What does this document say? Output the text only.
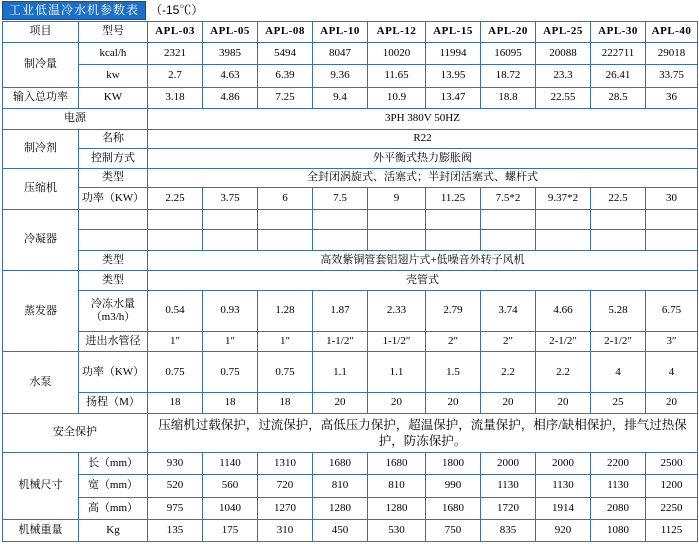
工业低温冷水机参数表 （-15℃）
项目	型号	APL-03	APL-05	APL-08	APL-10	APL-12	APL-15	APL-20	APL-25	APL-30	APL-40
制冷量	kcal/h	2321	3985	5494	8047	10020	11994	16095	20088	222711	29018
	kw	2.7	4.63	6.39	9.36	11.65	13.95	18.72	23.3	26.41	33.75
输入总功率	KW	3.18	4.86	7.25	9.4	10.9	13.47	18.8	22.55	28.5	36
电源		3PH 380V 50HZ									
制冷剂	名称	R22									
	控制方式	外平衡式热力膨胀阀									
压缩机	类型	全封闭涡旋式、活塞式；半封闭活塞式、螺杆式									
	功率（KW）	2.25	3.75	6	7.5	9	11.25	7.5*2	9.37*2	22.5	30
冷凝器											

	类型	高效紫铜管套铝翅片式+低噪音外转子风机									
蒸发器	类型	壳管式									
	冷冻水量（m3/h）	0.54	0.93	1.28	1.87	2.33	2.79	3.74	4.66	5.28	6.75
	进出水管径	1″	1″	1″	1-1/2″	1-1/2″	2″	2″	2-1/2″	2-1/2″	3″
水泵	功率（KW）	0.75	0.75	0.75	1.1	1.1	1.5	2.2	2.2	4	4
	扬程（M）	18	18	18	20	20	20	20	20	25	20
安全保护		压缩机过载保护，过流保护，高低压力保护，超温保护，流量保护，相序/缺相保护，排气过热保护，防冻保护。									
机械尺寸	长（mm）	930	1140	1310	1680	1680	1800	2000	2000	2200	2500
	宽（mm）	520	560	720	810	810	990	1130	1130	1130	1200
	高（mm）	975	1040	1270	1280	1280	1680	1720	1914	2080	2250
机械重量	Kg	135	175	310	450	530	750	835	920	1080	1125
